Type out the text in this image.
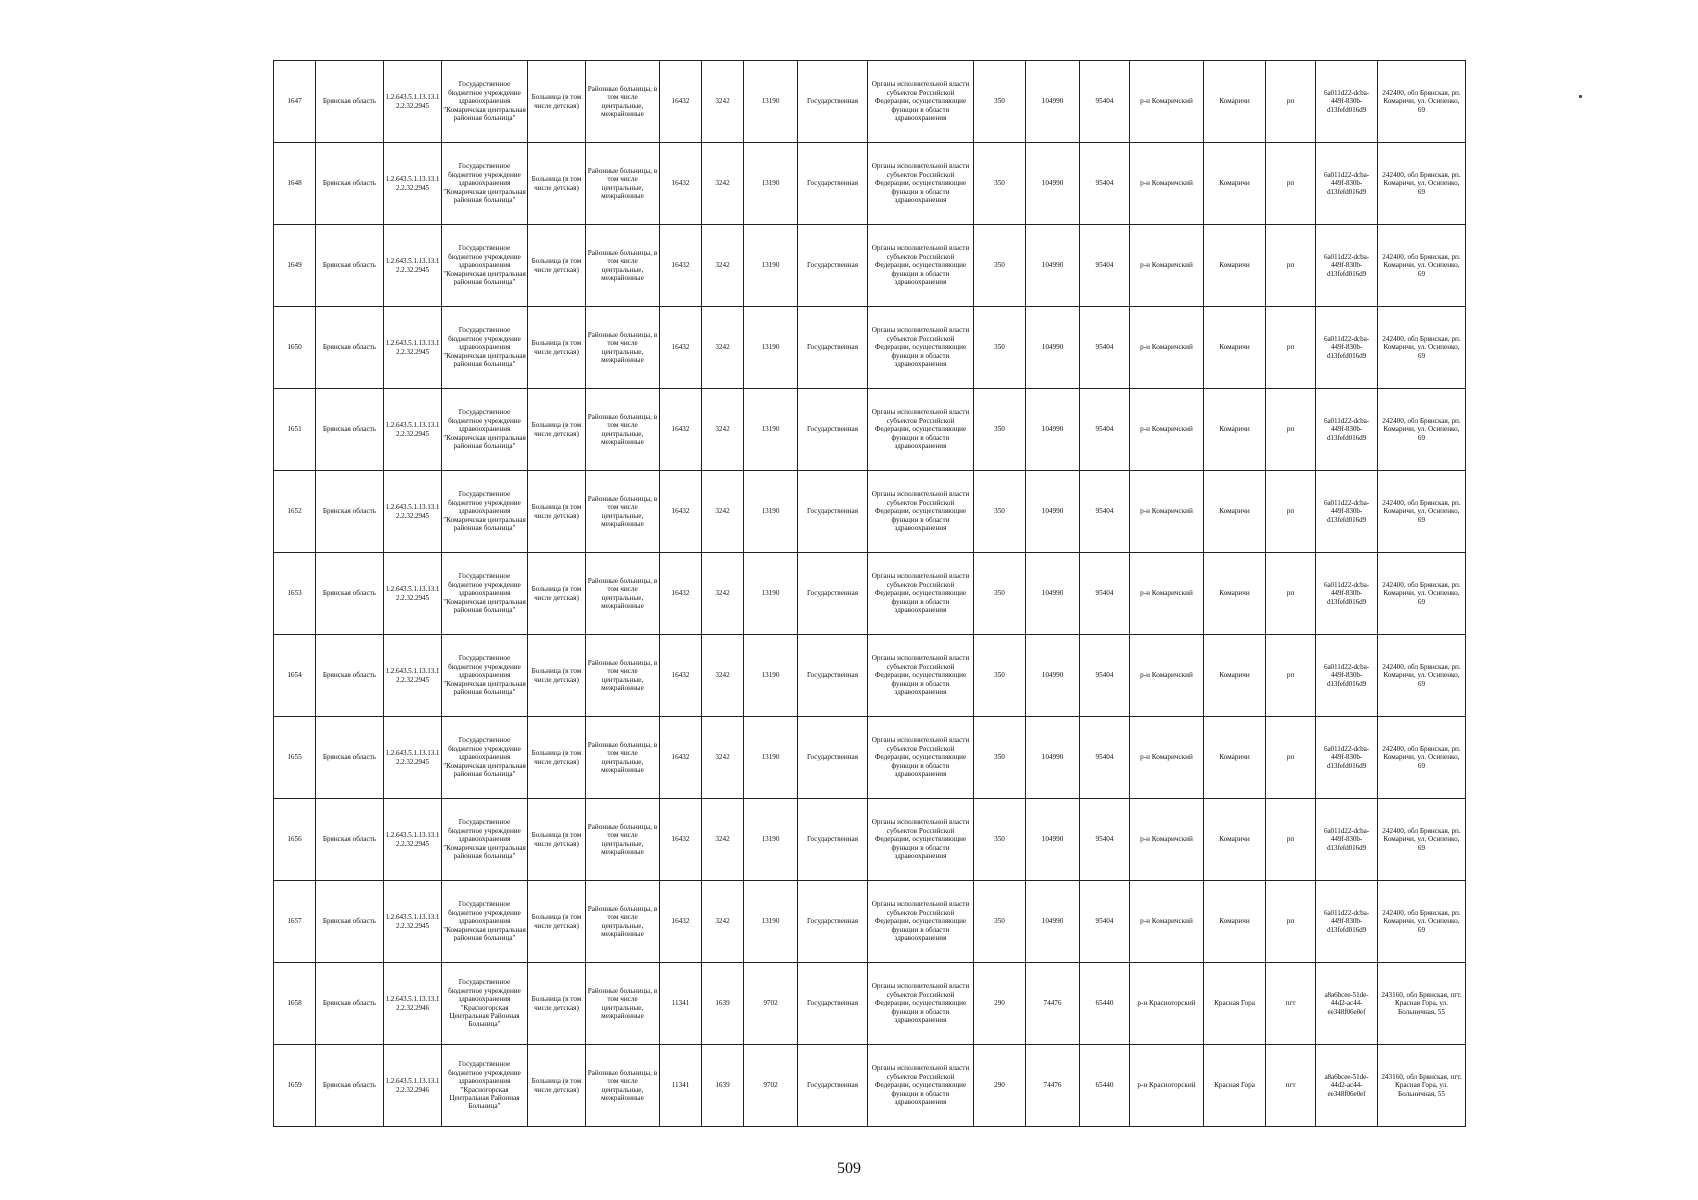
1647	Брянская область	1.2.643.5.1.13.13.12.2.32.2945	Государственное бюджетное учреждение здравоохранения "Комаричская центральная районная больница"	Больница (в том числе детская)	Районные больницы, в том числе центральные, межрайонные	16432	3242	13190	Государственная	Органы исполнительной власти субъектов Российской Федерации, осуществляющие функции в области здравоохранения	350	104990	95404	р-н Комаричский	Комаричи	рп	6a011d22-dcba-449f-830b-d13fefd016d9	242400, обл Брянская, рп. Комаричи, ул. Осипенко, 69
1648	Брянская область	1.2.643.5.1.13.13.12.2.32.2945	Государственное бюджетное учреждение здравоохранения "Комаричская центральная районная больница"	Больница (в том числе детская)	Районные больницы, в том числе центральные, межрайонные	16432	3242	13190	Государственная	Органы исполнительной власти субъектов Российской Федерации, осуществляющие функции в области здравоохранения	350	104990	95404	р-н Комаричский	Комаричи	рп	6a011d22-dcba-449f-830b-d13fefd016d9	242400, обл Брянская, рп. Комаричи, ул. Осипенко, 69
1649	Брянская область	1.2.643.5.1.13.13.12.2.32.2945	Государственное бюджетное учреждение здравоохранения "Комаричская центральная районная больница"	Больница (в том числе детская)	Районные больницы, в том числе центральные, межрайонные	16432	3242	13190	Государственная	Органы исполнительной власти субъектов Российской Федерации, осуществляющие функции в области здравоохранения	350	104990	95404	р-н Комаричский	Комаричи	рп	6a011d22-dcba-449f-830b-d13fefd016d9	242400, обл Брянская, рп. Комаричи, ул. Осипенко, 69
1650	Брянская область	1.2.643.5.1.13.13.12.2.32.2945	Государственное бюджетное учреждение здравоохранения "Комаричская центральная районная больница"	Больница (в том числе детская)	Районные больницы, в том числе центральные, межрайонные	16432	3242	13190	Государственная	Органы исполнительной власти субъектов Российской Федерации, осуществляющие функции в области здравоохранения	350	104990	95404	р-н Комаричский	Комаричи	рп	6a011d22-dcba-449f-830b-d13fefd016d9	242400, обл Брянская, рп. Комаричи, ул. Осипенко, 69
1651	Брянская область	1.2.643.5.1.13.13.12.2.32.2945	Государственное бюджетное учреждение здравоохранения "Комаричская центральная районная больница"	Больница (в том числе детская)	Районные больницы, в том числе центральные, межрайонные	16432	3242	13190	Государственная	Органы исполнительной власти субъектов Российской Федерации, осуществляющие функции в области здравоохранения	350	104990	95404	р-н Комаричский	Комаричи	рп	6a011d22-dcba-449f-830b-d13fefd016d9	242400, обл Брянская, рп. Комаричи, ул. Осипенко, 69
1652	Брянская область	1.2.643.5.1.13.13.12.2.32.2945	Государственное бюджетное учреждение здравоохранения "Комаричская центральная районная больница"	Больница (в том числе детская)	Районные больницы, в том числе центральные, межрайонные	16432	3242	13190	Государственная	Органы исполнительной власти субъектов Российской Федерации, осуществляющие функции в области здравоохранения	350	104990	95404	р-н Комаричский	Комаричи	рп	6a011d22-dcba-449f-830b-d13fefd016d9	242400, обл Брянская, рп. Комаричи, ул. Осипенко, 69
1653	Брянская область	1.2.643.5.1.13.13.12.2.32.2945	Государственное бюджетное учреждение здравоохранения "Комаричская центральная районная больница"	Больница (в том числе детская)	Районные больницы, в том числе центральные, межрайонные	16432	3242	13190	Государственная	Органы исполнительной власти субъектов Российской Федерации, осуществляющие функции в области здравоохранения	350	104990	95404	р-н Комаричский	Комаричи	рп	6a011d22-dcba-449f-830b-d13fefd016d9	242400, обл Брянская, рп. Комаричи, ул. Осипенко, 69
1654	Брянская область	1.2.643.5.1.13.13.12.2.32.2945	Государственное бюджетное учреждение здравоохранения "Комаричская центральная районная больница"	Больница (в том числе детская)	Районные больницы, в том числе центральные, межрайонные	16432	3242	13190	Государственная	Органы исполнительной власти субъектов Российской Федерации, осуществляющие функции в области здравоохранения	350	104990	95404	р-н Комаричский	Комаричи	рп	6a011d22-dcba-449f-830b-d13fefd016d9	242400, обл Брянская, рп. Комаричи, ул. Осипенко, 69
1655	Брянская область	1.2.643.5.1.13.13.12.2.32.2945	Государственное бюджетное учреждение здравоохранения "Комаричская центральная районная больница"	Больница (в том числе детская)	Районные больницы, в том числе центральные, межрайонные	16432	3242	13190	Государственная	Органы исполнительной власти субъектов Российской Федерации, осуществляющие функции в области здравоохранения	350	104990	95404	р-н Комаричский	Комаричи	рп	6a011d22-dcba-449f-830b-d13fefd016d9	242400, обл Брянская, рп. Комаричи, ул. Осипенко, 69
1656	Брянская область	1.2.643.5.1.13.13.12.2.32.2945	Государственное бюджетное учреждение здравоохранения "Комаричская центральная районная больница"	Больница (в том числе детская)	Районные больницы, в том числе центральные, межрайонные	16432	3242	13190	Государственная	Органы исполнительной власти субъектов Российской Федерации, осуществляющие функции в области здравоохранения	350	104990	95404	р-н Комаричский	Комаричи	рп	6a011d22-dcba-449f-830b-d13fefd016d9	242400, обл Брянская, рп. Комаричи, ул. Осипенко, 69
1657	Брянская область	1.2.643.5.1.13.13.12.2.32.2945	Государственное бюджетное учреждение здравоохранения "Комаричская центральная районная больница"	Больница (в том числе детская)	Районные больницы, в том числе центральные, межрайонные	16432	3242	13190	Государственная	Органы исполнительной власти субъектов Российской Федерации, осуществляющие функции в области здравоохранения	350	104990	95404	р-н Комаричский	Комаричи	рп	6a011d22-dcba-449f-830b-d13fefd016d9	242400, обл Брянская, рп. Комаричи, ул. Осипенко, 69
1658	Брянская область	1.2.643.5.1.13.13.12.2.32.2946	Государственное бюджетное учреждение здравоохранения "Красногорская Центральная Районная Больница"	Больница (в том числе детская)	Районные больницы, в том числе центральные, межрайонные	11341	1639	9702	Государственная	Органы исполнительной власти субъектов Российской Федерации, осуществляющие функции в области здравоохранения	290	74476	65440	р-н Красногорский	Красная Гора	пгт	a8a6bcee-51de-44d2-ac44-ee348f06e0ef	243160, обл Брянская, пгт. Красная Гора, ул. Больничная, 55
1659	Брянская область	1.2.643.5.1.13.13.12.2.32.2946	Государственное бюджетное учреждение здравоохранения "Красногорская Центральная Районная Больница"	Больница (в том числе детская)	Районные больницы, в том числе центральные, межрайонные	11341	1639	9702	Государственная	Органы исполнительной власти субъектов Российской Федерации, осуществляющие функции в области здравоохранения	290	74476	65440	р-н Красногорский	Красная Гора	пгт	a8a6bcee-51de-44d2-ac44-ee348f06e0ef	243160, обл Брянская, пгт. Красная Гора, ул. Больничная, 55
509
